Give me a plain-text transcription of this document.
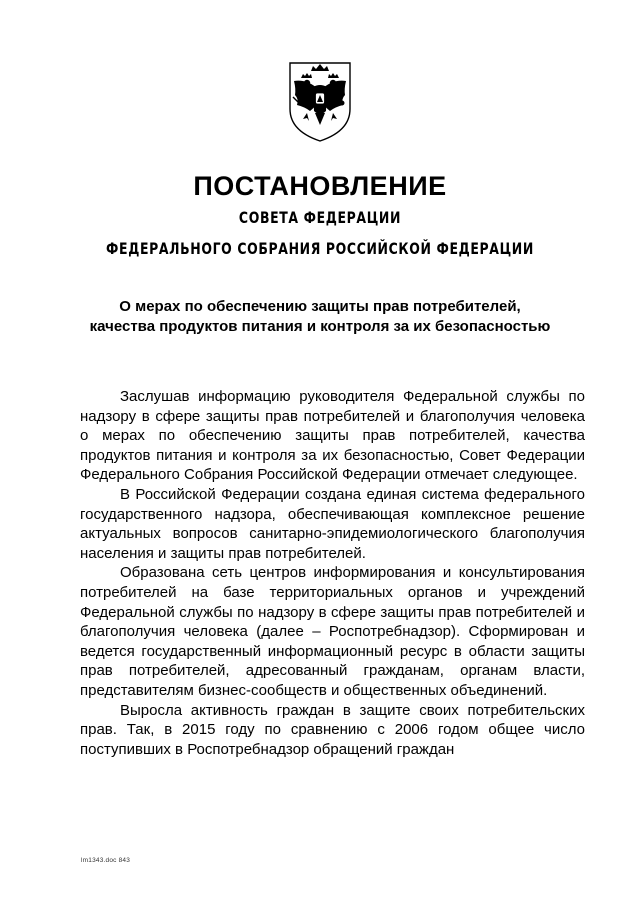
ПОСТАНОВЛЕНИЕ
СОВЕТА ФЕДЕРАЦИИ
ФЕДЕРАЛЬНОГО СОБРАНИЯ РОССИЙСКОЙ ФЕДЕРАЦИИ
О мерах по обеспечению защиты прав потребителей,
качества продуктов питания и контроля за их безопасностью

Заслушав информацию руководителя Федеральной службы по надзору в сфере защиты прав потребителей и благополучия человека о мерах по обеспечению защиты прав потребителей, качества продуктов питания и контроля за их безопасностью, Совет Федерации Федерального Собрания Российской Федерации отмечает следующее.

В Российской Федерации создана единая система федерального государственного надзора, обеспечивающая комплексное решение актуальных вопросов санитарно-эпидемиологического благополучия населения и защиты прав потребителей.

Образована сеть центров информирования и консультирования потребителей на базе территориальных органов и учреждений Федеральной службы по надзору в сфере защиты прав потребителей и благополучия человека (далее – Роспотребнадзор). Сформирован и ведется государственный информационный ресурс в области защиты прав потребителей, адресованный гражданам, органам власти, представителям бизнес-сообществ и общественных объединений.

Выросла активность граждан в защите своих потребительских прав. Так, в 2015 году по сравнению с 2006 годом общее число поступивших в Роспотребнадзор обращений граждан

lm1343.doc 843
